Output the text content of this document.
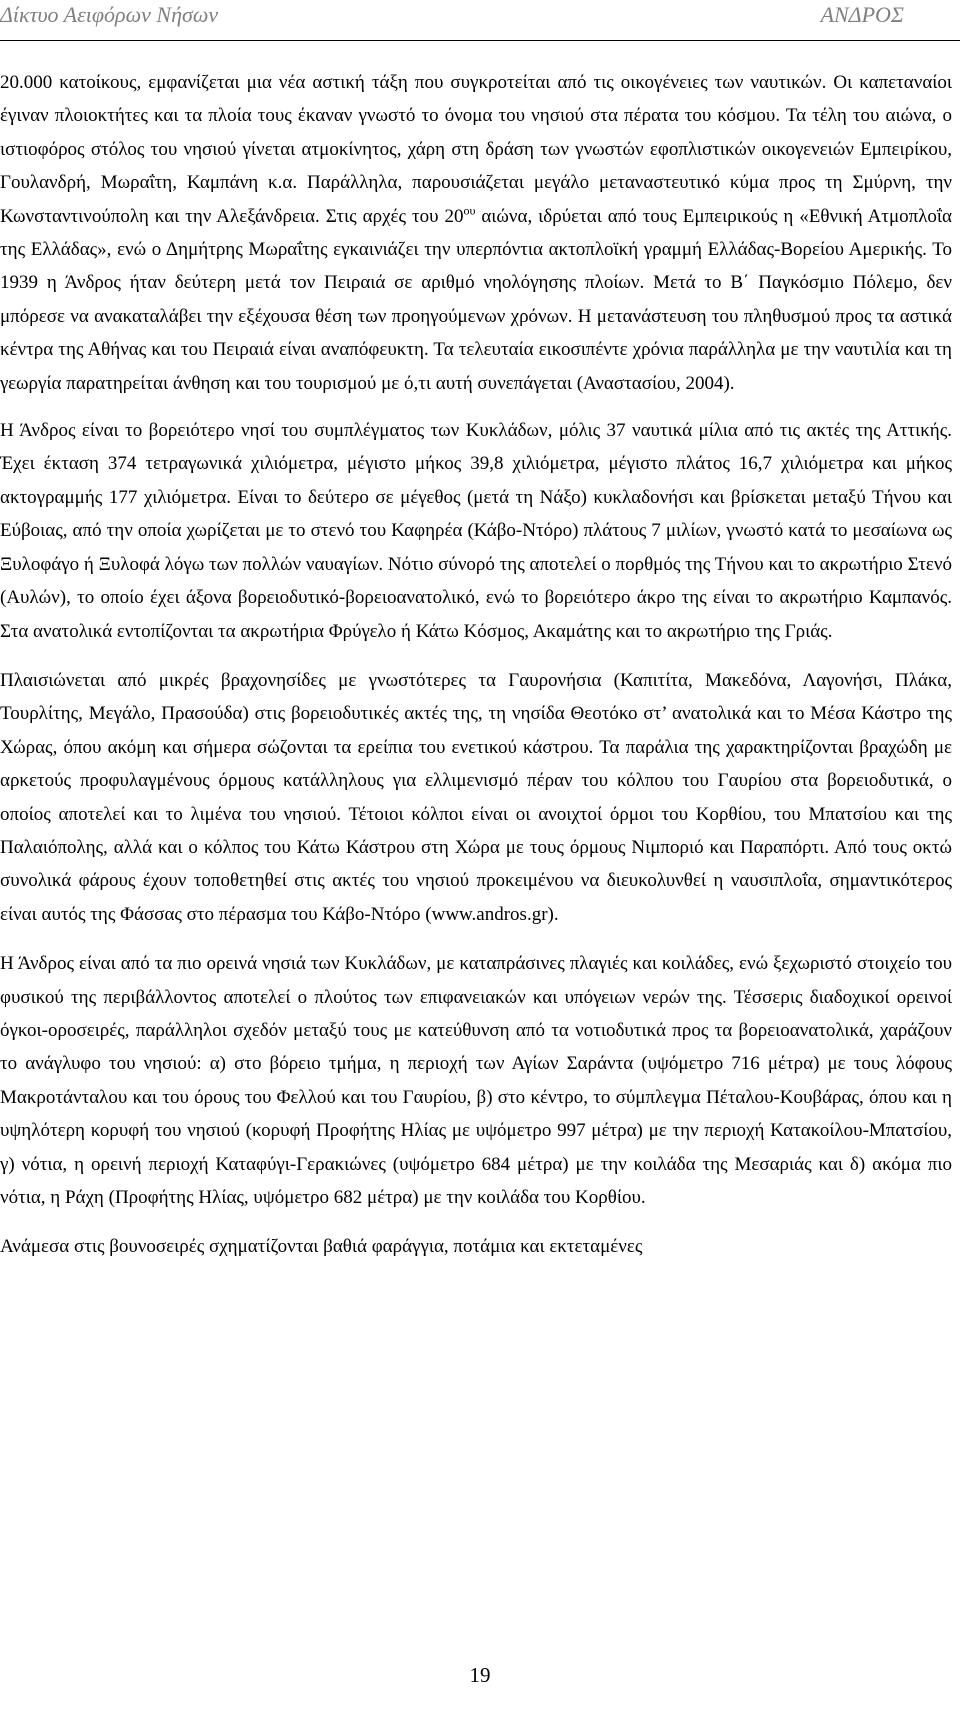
Δίκτυο Αειφόρων Νήσων	ΑΝΔΡΟΣ

20.000 κατοίκους, εμφανίζεται μια νέα αστική τάξη που συγκροτείται από τις οικογένειες των ναυτικών. Οι καπεταναίοι έγιναν πλοιοκτήτες και τα πλοία τους έκαναν γνωστό το όνομα του νησιού στα πέρατα του κόσμου. Τα τέλη του αιώνα, ο ιστιοφόρος στόλος του νησιού γίνεται ατμοκίνητος, χάρη στη δράση των γνωστών εφοπλιστικών οικογενειών Εμπειρίκου, Γουλανδρή, Μωραΐτη, Καμπάνη κ.α. Παράλληλα, παρουσιάζεται μεγάλο μεταναστευτικό κύμα προς τη Σμύρνη, την Κωνσταντινούπολη και την Αλεξάνδρεια. Στις αρχές του $20^{o\upsilon}$ αιώνα, ιδρύεται από τους Εμπειρικούς η «Εθνική Ατμοπλοΐα της Ελλάδας», ενώ ο Δημήτρης Μωραΐτης εγκαινιάζει την υπερπόντια ακτοπλοϊκή γραμμή Ελλάδας-Βορείου Αμερικής. Το 1939 η Άνδρος ήταν δεύτερη μετά τον Πειραιά σε αριθμό νηολόγησης πλοίων. Μετά το Β΄ Παγκόσμιο Πόλεμο, δεν μπόρεσε να ανακαταλάβει την εξέχουσα θέση των προηγούμενων χρόνων. Η μετανάστευση του πληθυσμού προς τα αστικά κέντρα της Αθήνας και του Πειραιά είναι αναπόφευκτη. Τα τελευταία εικοσιπέντε χρόνια παράλληλα με την ναυτιλία και τη γεωργία παρατηρείται άνθηση και του τουρισμού με ό,τι αυτή συνεπάγεται (Αναστασίου, 2004).

Η Άνδρος είναι το βορειότερο νησί του συμπλέγματος των Κυκλάδων, μόλις 37 ναυτικά μίλια από τις ακτές της Αττικής. Έχει έκταση 374 τετραγωνικά χιλιόμετρα, μέγιστο μήκος 39,8 χιλιόμετρα, μέγιστο πλάτος 16,7 χιλιόμετρα και μήκος ακτογραμμής 177 χιλιόμετρα. Είναι το δεύτερο σε μέγεθος (μετά τη Νάξο) κυκλαδονήσι και βρίσκεται μεταξύ Τήνου και Εύβοιας, από την οποία χωρίζεται με το στενό του Καφηρέα (Κάβο-Ντόρο) πλάτους 7 μιλίων, γνωστό κατά το μεσαίωνα ως Ξυλοφάγο ή Ξυλοφά λόγω των πολλών ναυαγίων. Νότιο σύνορό της αποτελεί ο πορθμός της Τήνου και το ακρωτήριο Στενό (Αυλών), το οποίο έχει άξονα βορειοδυτικό-βορειοανατολικό, ενώ το βορειότερο άκρο της είναι το ακρωτήριο Καμπανός. Στα ανατολικά εντοπίζονται τα ακρωτήρια Φρύγελο ή Κάτω Κόσμος, Ακαμάτης και το ακρωτήριο της Γριάς.

Πλαισιώνεται από μικρές βραχονησίδες με γνωστότερες τα Γαυρονήσια (Καπιτίτα, Μακεδόνα, Λαγονήσι, Πλάκα, Τουρλίτης, Μεγάλο, Πρασούδα) στις βορειοδυτικές ακτές της, τη νησίδα Θεοτόκο στ’ ανατολικά και το Μέσα Κάστρο της Χώρας, όπου ακόμη και σήμερα σώζονται τα ερείπια του ενετικού κάστρου. Τα παράλια της χαρακτηρίζονται βραχώδη με αρκετούς προφυλαγμένους όρμους κατάλληλους για ελλιμενισμό πέραν του κόλπου του Γαυρίου στα βορειοδυτικά, ο οποίος αποτελεί και το λιμένα του νησιού. Τέτοιοι κόλποι είναι οι ανοιχτοί όρμοι του Κορθίου, του Μπατσίου και της Παλαιόπολης, αλλά και ο κόλπος του Κάτω Κάστρου στη Χώρα με τους όρμους Νιμποριό και Παραπόρτι. Από τους οκτώ συνολικά φάρους έχουν τοποθετηθεί στις ακτές του νησιού προκειμένου να διευκολυνθεί η ναυσιπλοΐα, σημαντικότερος είναι αυτός της Φάσσας στο πέρασμα του Κάβο-Ντόρο (www.andros.gr).

Η Άνδρος είναι από τα πιο ορεινά νησιά των Κυκλάδων, με καταπράσινες πλαγιές και κοιλάδες, ενώ ξεχωριστό στοιχείο του φυσικού της περιβάλλοντος αποτελεί ο πλούτος των επιφανειακών και υπόγειων νερών της. Τέσσερις διαδοχικοί ορεινοί όγκοι-οροσειρές, παράλληλοι σχεδόν μεταξύ τους με κατεύθυνση από τα νοτιοδυτικά προς τα βορειοανατολικά, χαράζουν το ανάγλυφο του νησιού: α) στο βόρειο τμήμα, η περιοχή των Αγίων Σαράντα (υψόμετρο 716 μέτρα) με τους λόφους Μακροτάνταλου και του όρους του Φελλού και του Γαυρίου, β) στο κέντρο, το σύμπλεγμα Πέταλου-Κουβάρας, όπου και η υψηλότερη κορυφή του νησιού (κορυφή Προφήτης Ηλίας με υψόμετρο 997 μέτρα) με την περιοχή Κατακοίλου-Μπατσίου, γ) νότια, η ορεινή περιοχή Καταφύγι-Γερακιώνες (υψόμετρο 684 μέτρα) με την κοιλάδα της Μεσαριάς και δ) ακόμα πιο νότια, η Ράχη (Προφήτης Ηλίας, υψόμετρο 682 μέτρα) με την κοιλάδα του Κορθίου.

Ανάμεσα στις βουνοσειρές σχηματίζονται βαθιά φαράγγια, ποτάμια και εκτεταμένες

19
